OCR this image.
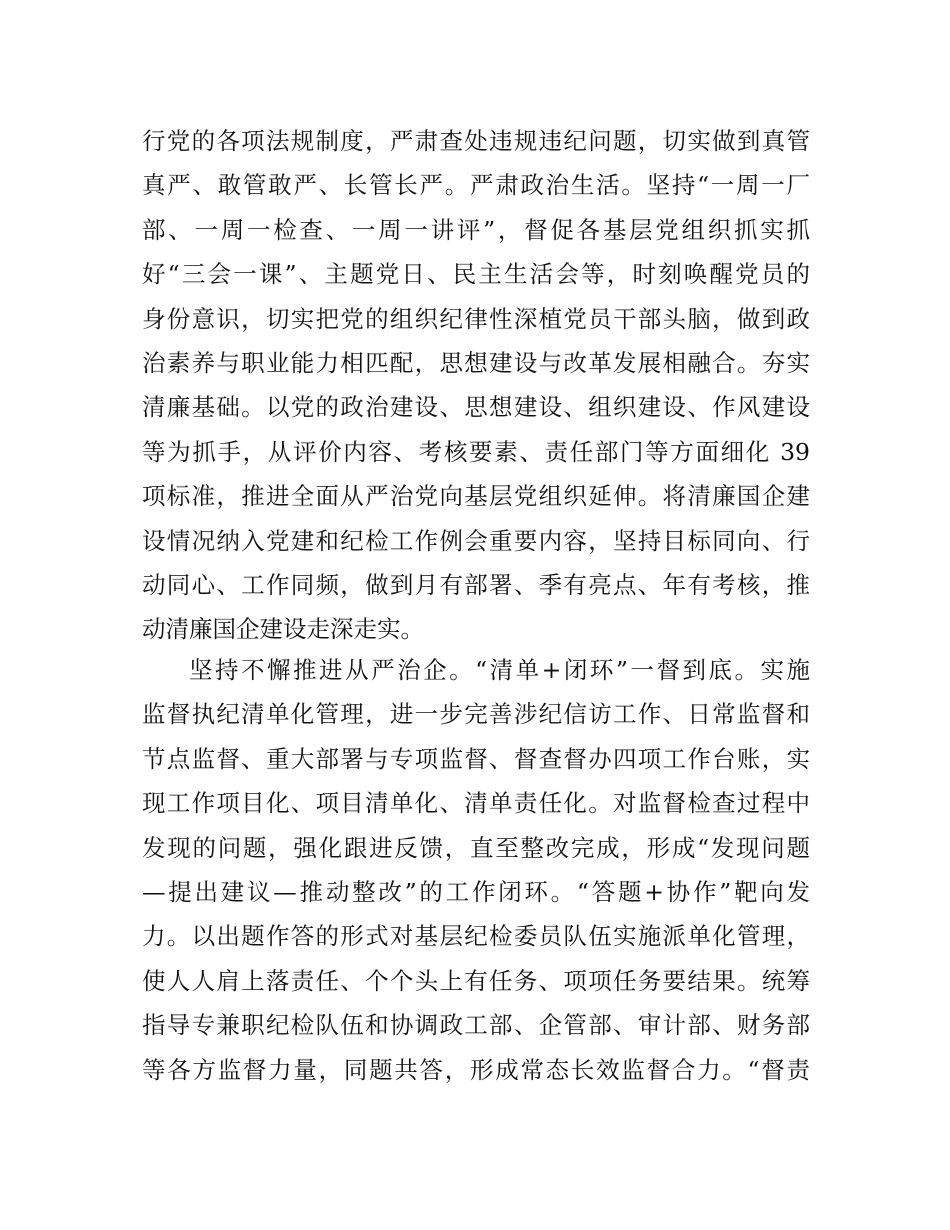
行党的各项法规制度，严肃查处违规违纪问题，切实做到真管
真严、敢管敢严、长管长严。严肃政治生活。坚持“一周一厂
部、一周一检查、一周一讲评”，督促各基层党组织抓实抓
好“三会一课”、主题党日、民主生活会等，时刻唤醒党员的
身份意识，切实把党的组织纪律性深植党员干部头脑，做到政
治素养与职业能力相匹配，思想建设与改革发展相融合。夯实
清廉基础。以党的政治建设、思想建设、组织建设、作风建设
等为抓手，从评价内容、考核要素、责任部门等方面细化 39
项标准，推进全面从严治党向基层党组织延伸。将清廉国企建
设情况纳入党建和纪检工作例会重要内容，坚持目标同向、行
动同心、工作同频，做到月有部署、季有亮点、年有考核，推
动清廉国企建设走深走实。
坚持不懈推进从严治企。“清单+闭环”一督到底。实施
监督执纪清单化管理，进一步完善涉纪信访工作、日常监督和
节点监督、重大部署与专项监督、督查督办四项工作台账，实
现工作项目化、项目清单化、清单责任化。对监督检查过程中
发现的问题，强化跟进反馈，直至整改完成，形成“发现问题
—提出建议—推动整改”的工作闭环。“答题+协作”靶向发
力。以出题作答的形式对基层纪检委员队伍实施派单化管理，
使人人肩上落责任、个个头上有任务、项项任务要结果。统筹
指导专兼职纪检队伍和协调政工部、企管部、审计部、财务部
等各方监督力量，同题共答，形成常态长效监督合力。“督责
